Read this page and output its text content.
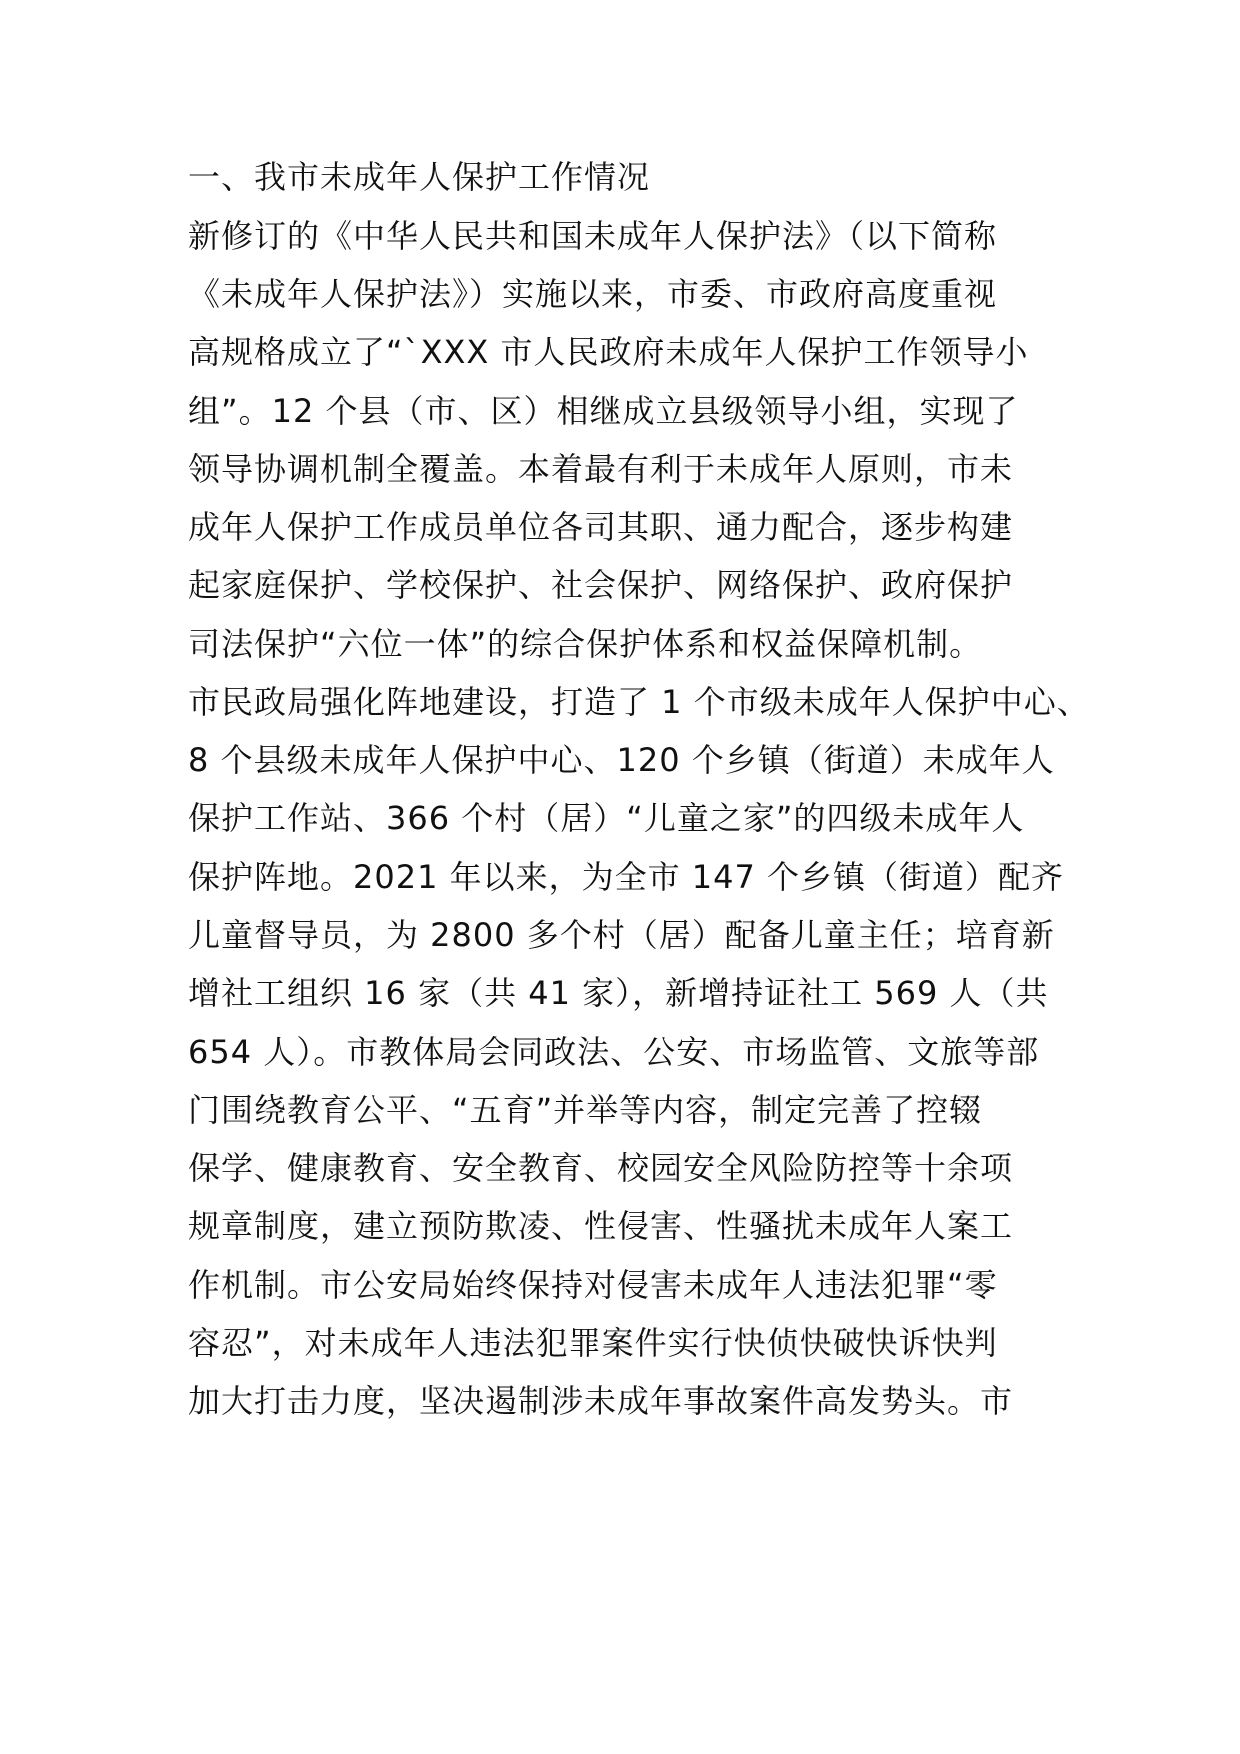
一、我市未成年人保护工作情况
新修订的《中华人民共和国未成年人保护法》（以下简称
《未成年人保护法》）实施以来，市委、市政府高度重视
高规格成立了“`XXX 市人民政府未成年人保护工作领导小
组”。12 个县（市、区）相继成立县级领导小组，实现了
领导协调机制全覆盖。本着最有利于未成年人原则，市未
成年人保护工作成员单位各司其职、通力配合，逐步构建
起家庭保护、学校保护、社会保护、网络保护、政府保护
司法保护“六位一体”的综合保护体系和权益保障机制。
市民政局强化阵地建设，打造了 1 个市级未成年人保护中心、
8 个县级未成年人保护中心、120 个乡镇（街道）未成年人
保护工作站、366 个村（居）“儿童之家”的四级未成年人
保护阵地。2021 年以来，为全市 147 个乡镇（街道）配齐
儿童督导员，为 2800 多个村（居）配备儿童主任；培育新
增社工组织 16 家（共 41 家），新增持证社工 569 人（共
654 人）。市教体局会同政法、公安、市场监管、文旅等部
门围绕教育公平、“五育”并举等内容，制定完善了控辍
保学、健康教育、安全教育、校园安全风险防控等十余项
规章制度，建立预防欺凌、性侵害、性骚扰未成年人案工
作机制。市公安局始终保持对侵害未成年人违法犯罪“零
容忍”，对未成年人违法犯罪案件实行快侦快破快诉快判
加大打击力度，坚决遏制涉未成年事故案件高发势头。市
